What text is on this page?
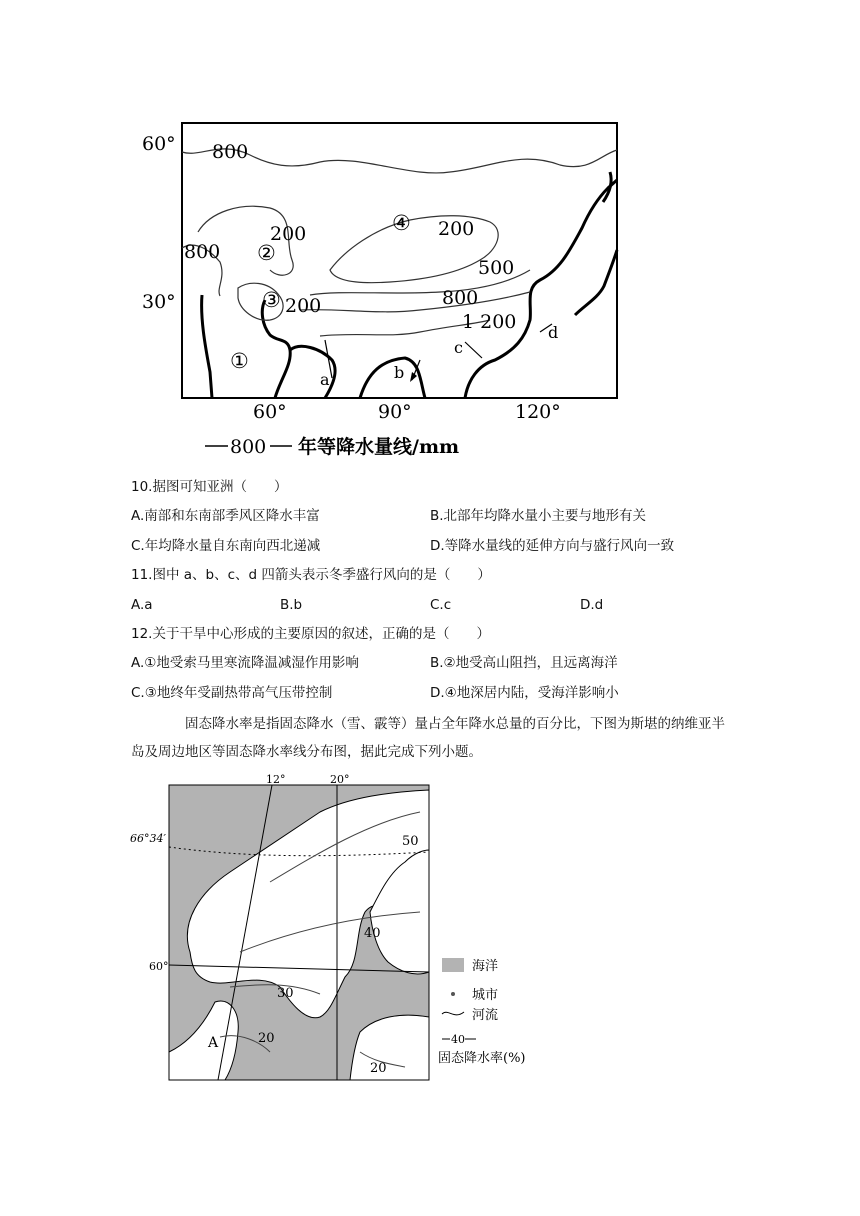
60°
30°
60°	90°	120°
800
200
800
200
200
500
800
1 200
②
③
①
④
a	b
c
d
800 年等降水量线/mm
10.据图可知亚洲（　　）
A.南部和东南部季风区降水丰富	B.北部年均降水量小主要与地形有关
C.年均降水量自东南向西北递减	D.等降水量线的延伸方向与盛行风向一致
11.图中 a、b、c、d 四箭头表示冬季盛行风向的是（　　）
A.a	B.b	C.c	D.d
12.关于干旱中心形成的主要原因的叙述，正确的是（　　）
A.①地受索马里寒流降温减湿作用影响	B.②地受高山阻挡，且远离海洋
C.③地终年受副热带高气压带控制	D.④地深居内陆，受海洋影响小
固态降水率是指固态降水（雪、霰等）量占全年降水总量的百分比，下图为斯堪的纳维亚半岛及周边地区等固态降水率线分布图，据此完成下列小题。
12°	20°
66°34′
60°
50
40
30
20
20
A
海洋
城市
河流
40
固态降水率(%)
